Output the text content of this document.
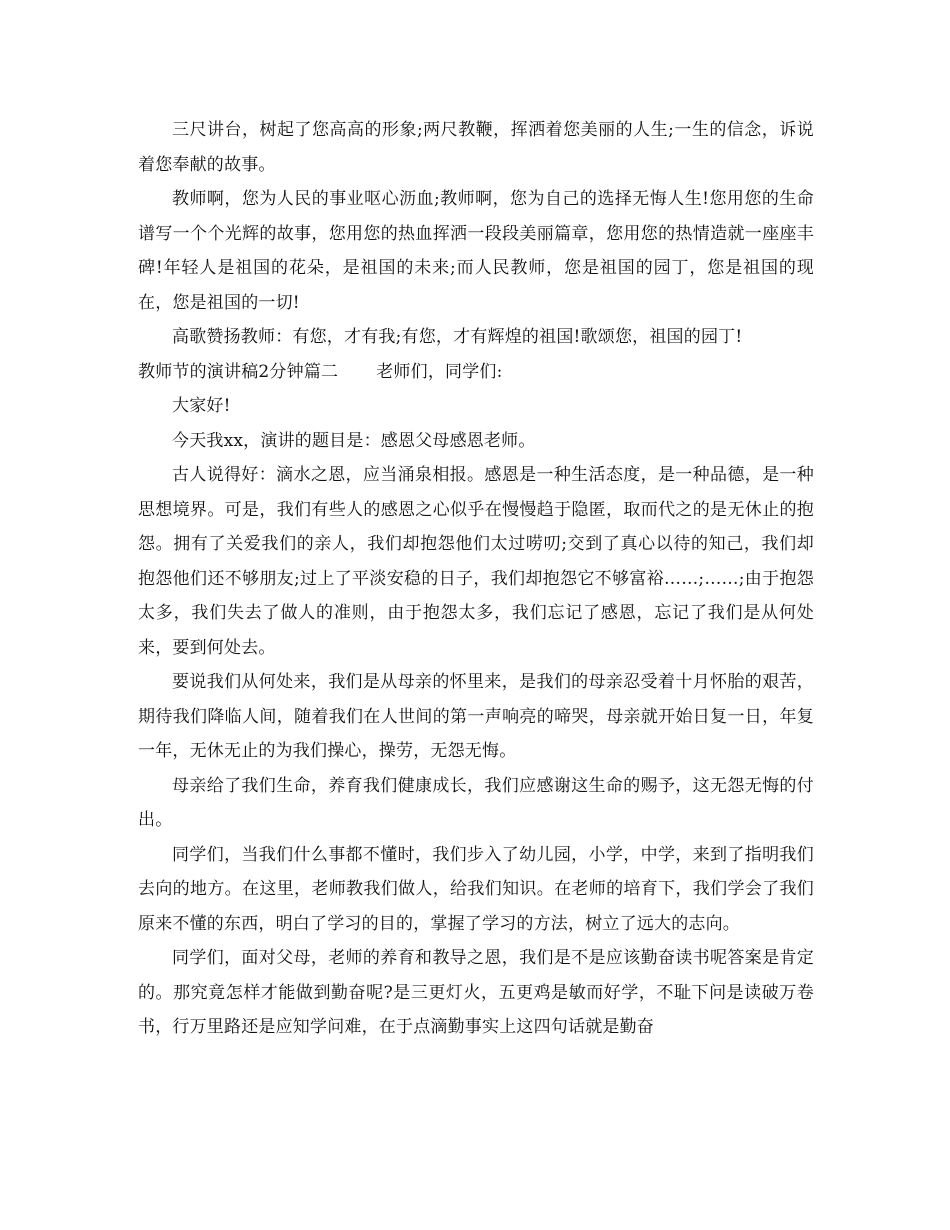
三尺讲台，树起了您高高的形象;两尺教鞭，挥洒着您美丽的人生;一生的信念，诉说着您奉献的故事。

教师啊，您为人民的事业呕心沥血;教师啊，您为自己的选择无悔人生!您用您的生命谱写一个个光辉的故事，您用您的热血挥洒一段段美丽篇章，您用您的热情造就一座座丰碑!年轻人是祖国的花朵，是祖国的未来;而人民教师，您是祖国的园丁，您是祖国的现在，您是祖国的一切!

高歌赞扬教师：有您，才有我;有您，才有辉煌的祖国!歌颂您，祖国的园丁!

教师节的演讲稿2分钟篇二 老师们，同学们:

大家好!

今天我xx，演讲的题目是：感恩父母感恩老师。

古人说得好：滴水之恩，应当涌泉相报。感恩是一种生活态度，是一种品德，是一种思想境界。可是，我们有些人的感恩之心似乎在慢慢趋于隐匿，取而代之的是无休止的抱怨。拥有了关爱我们的亲人，我们却抱怨他们太过唠叨;交到了真心以待的知己，我们却抱怨他们还不够朋友;过上了平淡安稳的日子，我们却抱怨它不够富裕……;……;由于抱怨太多，我们失去了做人的准则，由于抱怨太多，我们忘记了感恩，忘记了我们是从何处来，要到何处去。

要说我们从何处来，我们是从母亲的怀里来，是我们的母亲忍受着十月怀胎的艰苦，期待我们降临人间，随着我们在人世间的第一声响亮的啼哭，母亲就开始日复一日，年复一年，无休无止的为我们操心，操劳，无怨无悔。

母亲给了我们生命，养育我们健康成长，我们应感谢这生命的赐予，这无怨无悔的付出。

同学们，当我们什么事都不懂时，我们步入了幼儿园，小学，中学，来到了指明我们去向的地方。在这里，老师教我们做人，给我们知识。在老师的培育下，我们学会了我们原来不懂的东西，明白了学习的目的，掌握了学习的方法，树立了远大的志向。

同学们，面对父母，老师的养育和教导之恩，我们是不是应该勤奋读书呢答案是肯定的。那究竟怎样才能做到勤奋呢?是三更灯火，五更鸡是敏而好学，不耻下问是读破万卷书，行万里路还是应知学问难，在于点滴勤事实上这四句话就是勤奋
